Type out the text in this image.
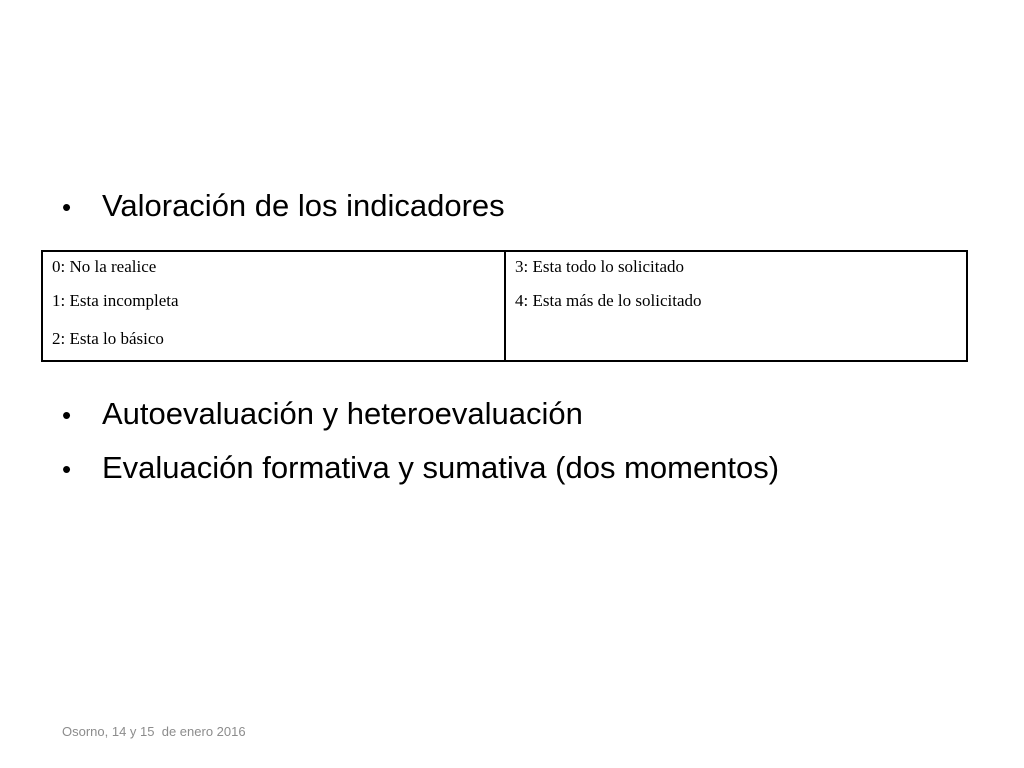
• Valoración de los indicadores
0: No la realice
1: Esta incompleta
2: Esta lo básico

3: Esta todo lo solicitado
4: Esta más de lo solicitado
• Autoevaluación y heteroevaluación
• Evaluación formativa y sumativa (dos momentos)
Osorno, 14 y 15  de enero 2016
